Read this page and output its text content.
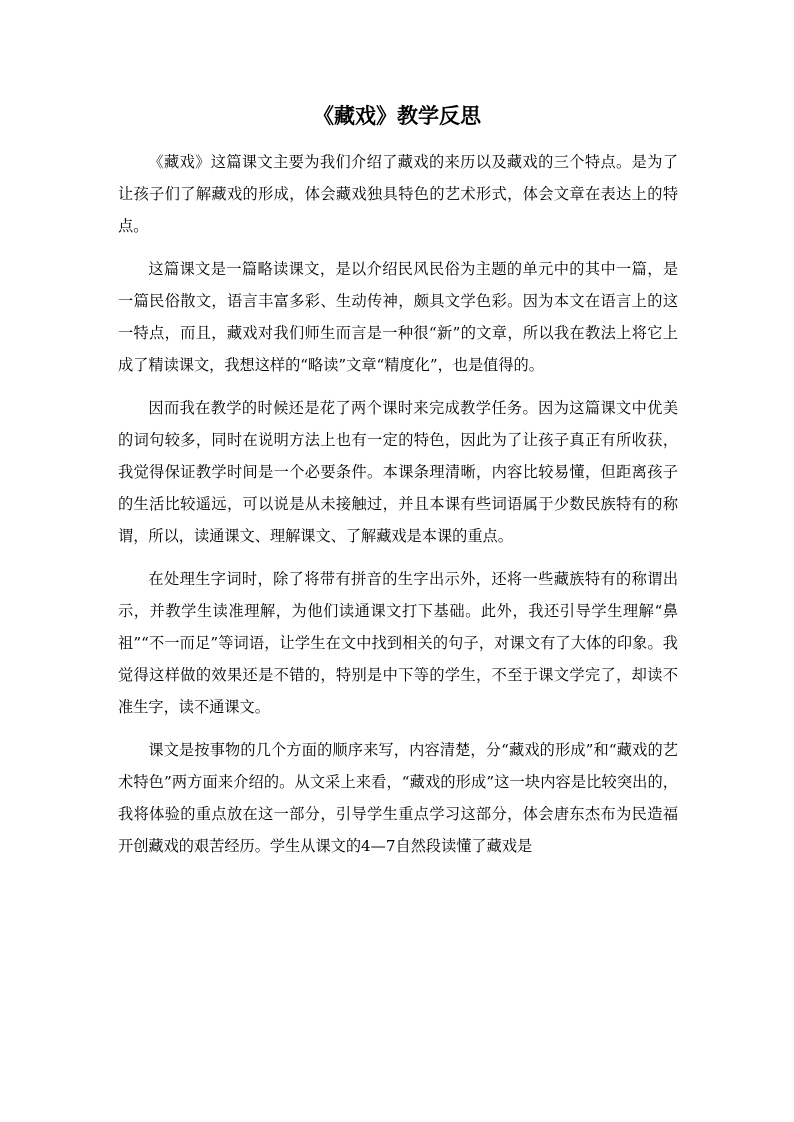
《藏戏》教学反思

《藏戏》这篇课文主要为我们介绍了藏戏的来历以及藏戏的三个特点。是为了让孩子们了解藏戏的形成，体会藏戏独具特色的艺术形式，体会文章在表达上的特点。

这篇课文是一篇略读课文，是以介绍民风民俗为主题的单元中的其中一篇，是一篇民俗散文，语言丰富多彩、生动传神，颇具文学色彩。因为本文在语言上的这一特点，而且，藏戏对我们师生而言是一种很“新”的文章，所以我在教法上将它上成了精读课文，我想这样的“略读”文章“精度化”，也是值得的。

因而我在教学的时候还是花了两个课时来完成教学任务。因为这篇课文中优美的词句较多，同时在说明方法上也有一定的特色，因此为了让孩子真正有所收获，我觉得保证教学时间是一个必要条件。本课条理清晰，内容比较易懂，但距离孩子的生活比较遥远，可以说是从未接触过，并且本课有些词语属于少数民族特有的称谓，所以，读通课文、理解课文、了解藏戏是本课的重点。

在处理生字词时，除了将带有拼音的生字出示外，还将一些藏族特有的称谓出示，并教学生读准理解，为他们读通课文打下基础。此外，我还引导学生理解“鼻祖”“不一而足”等词语，让学生在文中找到相关的句子，对课文有了大体的印象。我觉得这样做的效果还是不错的，特别是中下等的学生，不至于课文学完了，却读不准生字，读不通课文。

课文是按事物的几个方面的顺序来写，内容清楚，分“藏戏的形成”和“藏戏的艺术特色”两方面来介绍的。从文采上来看，“藏戏的形成”这一块内容是比较突出的，我将体验的重点放在这一部分，引导学生重点学习这部分，体会唐东杰布为民造福开创藏戏的艰苦经历。学生从课文的4—7自然段读懂了藏戏是
